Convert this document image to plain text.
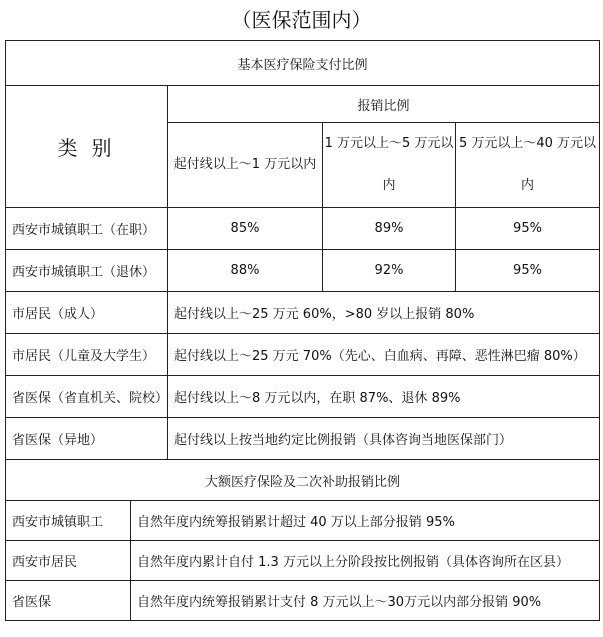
（医保范围内）
基本医疗保险支付比例				
类别		报销比例		
		起付线以上～1 万元以内	1 万元以上～5 万元以内	5 万元以上～40 万元以内
西安市城镇职工（在职）		85%	89%	95%
西安市城镇职工（退休）		88%	92%	95%
市居民（成人）		起付线以上～25 万元 60%，>80 岁以上报销 80%		
市居民（儿童及大学生）		起付线以上～25 万元 70%（先心、白血病、再障、恶性淋巴瘤 80%）		
省医保（省直机关、院校）		起付线以上～8 万元以内，在职 87%、退休 89%		
省医保（异地）		起付线以上按当地约定比例报销（具体咨询当地医保部门）		
大额医疗保险及二次补助报销比例				
西安市城镇职工	自然年度内统筹报销累计超过 40 万以上部分报销 95%			
西安市居民	自然年度内累计自付 1.3 万元以上分阶段按比例报销（具体咨询所在区县）			
省医保	自然年度内统筹报销累计支付 8 万元以上～30万元以内部分报销 90%			
